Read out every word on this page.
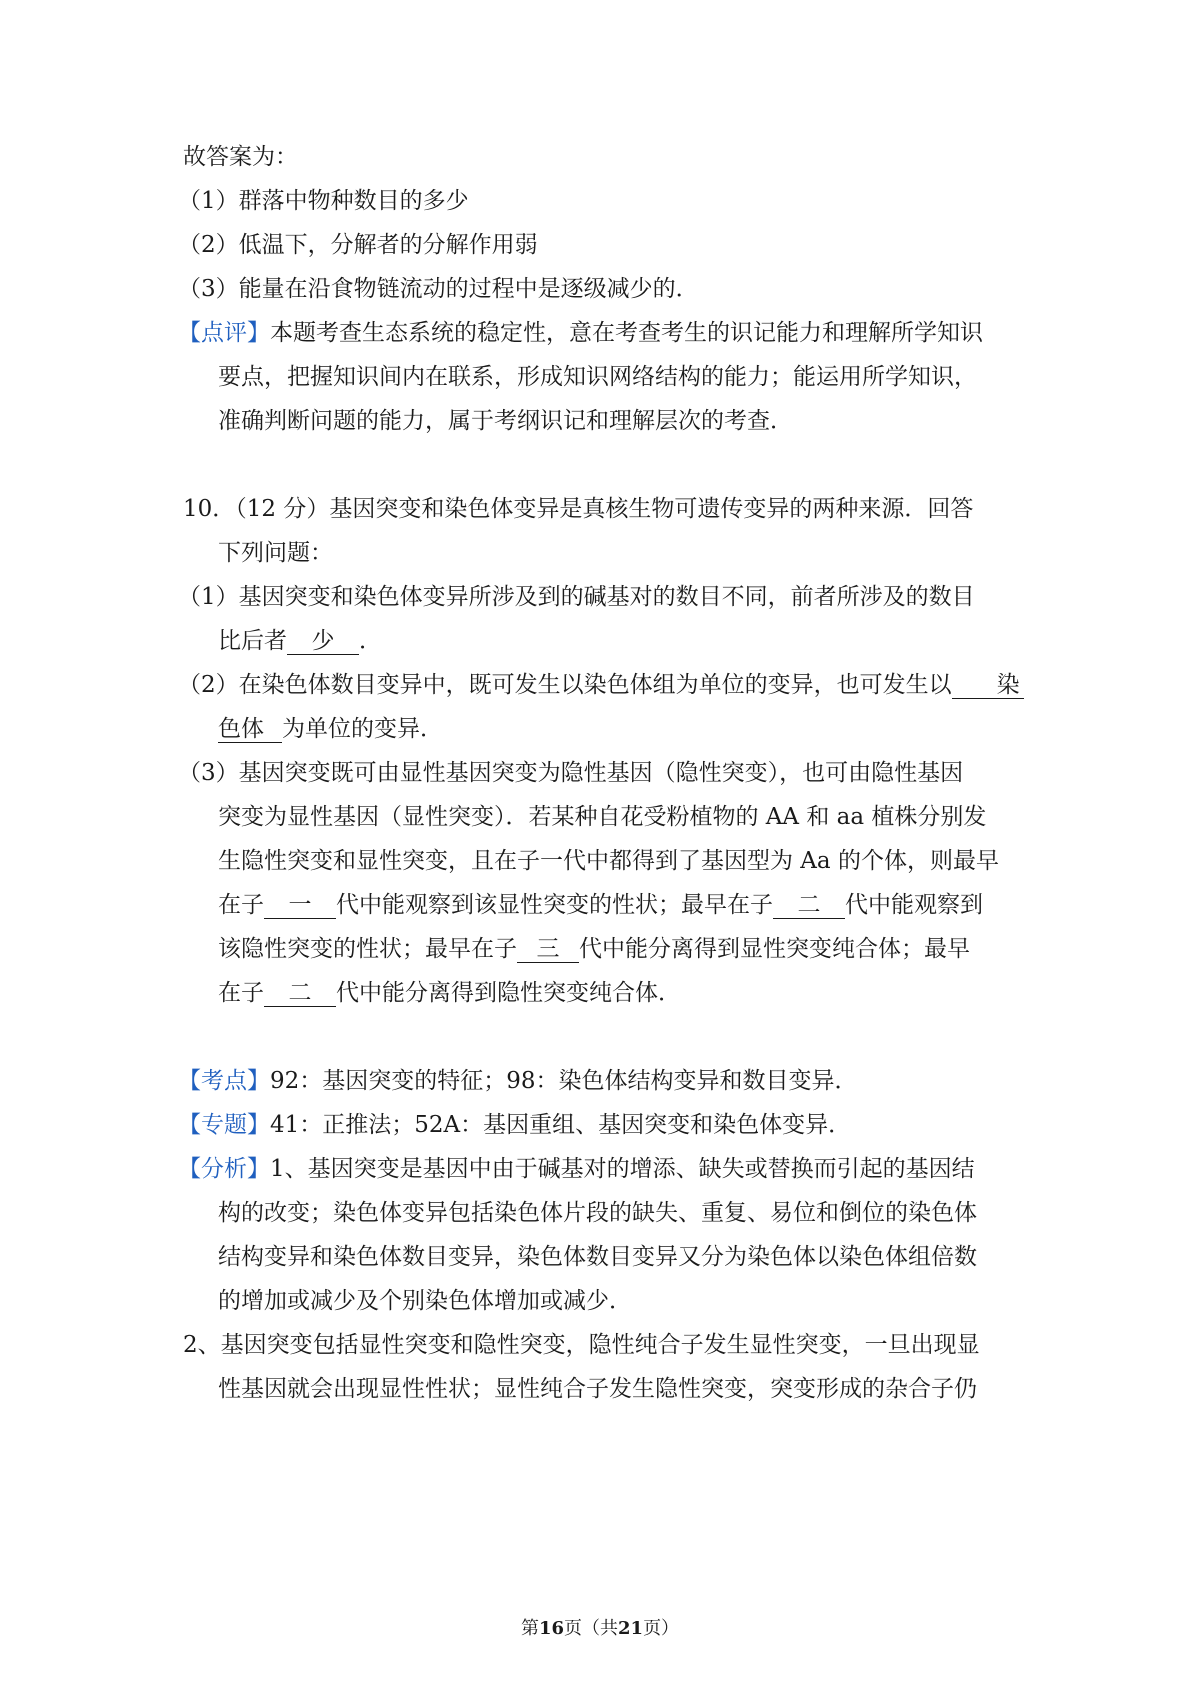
故答案为：
（1）群落中物种数目的多少
（2）低温下，分解者的分解作用弱
（3）能量在沿食物链流动的过程中是逐级减少的．
【点评】本题考查生态系统的稳定性，意在考查考生的识记能力和理解所学知识
要点，把握知识间内在联系，形成知识网络结构的能力；能运用所学知识，
准确判断问题的能力，属于考纲识记和理解层次的考查．
10．（12 分）基因突变和染色体变异是真核生物可遗传变异的两种来源．回答
下列问题：
（1）基因突变和染色体变异所涉及到的碱基对的数目不同，前者所涉及的数目
比后者 少 ．
（2）在染色体数目变异中，既可发生以染色体组为单位的变异，也可发生以 染
色体 为单位的变异．
（3）基因突变既可由显性基因突变为隐性基因（隐性突变），也可由隐性基因
突变为显性基因（显性突变）．若某种自花受粉植物的 AA 和 aa 植株分别发
生隐性突变和显性突变，且在子一代中都得到了基因型为 Aa 的个体，则最早
在子 一 代中能观察到该显性突变的性状；最早在子 二 代中能观察到
该隐性突变的性状；最早在子 三 代中能分离得到显性突变纯合体；最早
在子 二 代中能分离得到隐性突变纯合体．
【考点】92：基因突变的特征；98：染色体结构变异和数目变异．
【专题】41：正推法；52A：基因重组、基因突变和染色体变异．
【分析】1、基因突变是基因中由于碱基对的增添、缺失或替换而引起的基因结
构的改变；染色体变异包括染色体片段的缺失、重复、易位和倒位的染色体
结构变异和染色体数目变异，染色体数目变异又分为染色体以染色体组倍数
的增加或减少及个别染色体增加或减少．
2、基因突变包括显性突变和隐性突变，隐性纯合子发生显性突变，一旦出现显
性基因就会出现显性性状；显性纯合子发生隐性突变，突变形成的杂合子仍
第16页（共21页）
